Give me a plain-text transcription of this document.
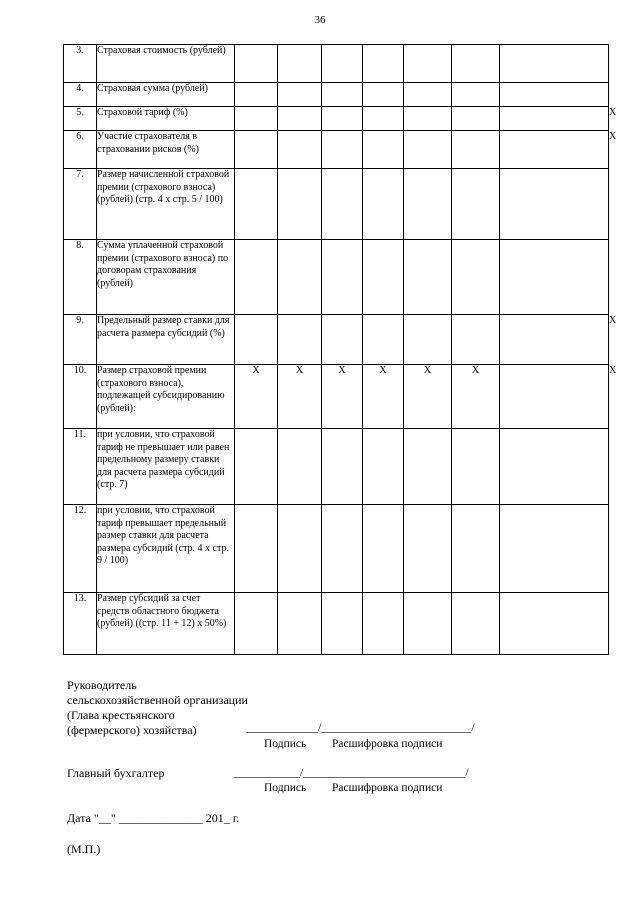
36
3.	Страховая стоимость (рублей)								
4.	Страховая сумма (рублей)								
5.	Страховой тариф (%)								X
6.	Участие страхователя в страховании рисков (%)								X
7.	Размер начисленной страховой премии (страхового взноса) (рублей) (стр. 4 x стр. 5 / 100)								
8.	Сумма уплаченной страховой премии (страхового взноса) по договорам страхования (рублей)								
9.	Предельный размер ставки для расчета размера субсидий (%)								X
10.	Размер страховой премии (страхового взноса), подлежащей субсидированию (рублей):	X	X	X	X	X	X		X
11.	при условии, что страховой тариф не превышает или равен предельному размеру ставки для расчета размера субсидий (стр. 7)								
12.	при условии, что страховой тариф превышает предельный размер ставки для расчета размера субсидий (стр. 4 x стр. 9 / 100)								
13.	Размер субсидий за счет средств областного бюджета (рублей) ((стр. 11 + 12) x 50%)								
Руководитель
сельскохозяйственной организации
(Глава крестьянского
(фермерского) хозяйства)	____________/_________________________/
Подпись Расшифровка подписи
Главный бухгалтер	___________/___________________________/
Подпись Расшифровка подписи
Дата "__" ______________ 201_ г.
(М.П.)
